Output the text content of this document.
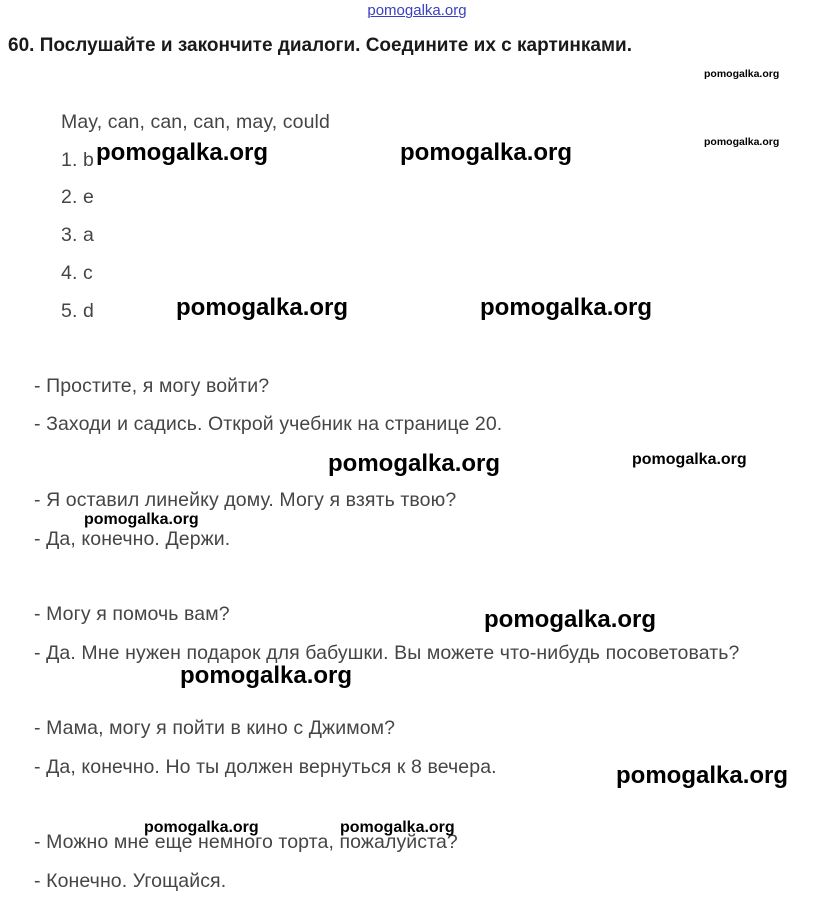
pomogalka.org
60. Послушайте и закончите диалоги. Соедините их с картинками.
May, can, can, can, may, could
1. b
2. e
3. a
4. c
5. d
- Простите, я могу войти?
- Заходи и садись. Открой учебник на странице 20.
- Я оставил линейку дому. Могу я взять твою?
- Да, конечно. Держи.
- Могу я помочь вам?
- Да. Мне нужен подарок для бабушки. Вы можете что-нибудь посоветовать?
- Мама, могу я пойти в кино с Джимом?
- Да, конечно. Но ты должен вернуться к 8 вечера.
- Можно мне еще немного торта, пожалуйста?
- Конечно. Угощайся.
pomogalka.org
pomogalka.org
pomogalka.org	pomogalka.org
pomogalka.org	pomogalka.org
pomogalka.org	pomogalka.org
pomogalka.org
pomogalka.org
pomogalka.org
pomogalka.org
pomogalka.org	pomogalka.org
